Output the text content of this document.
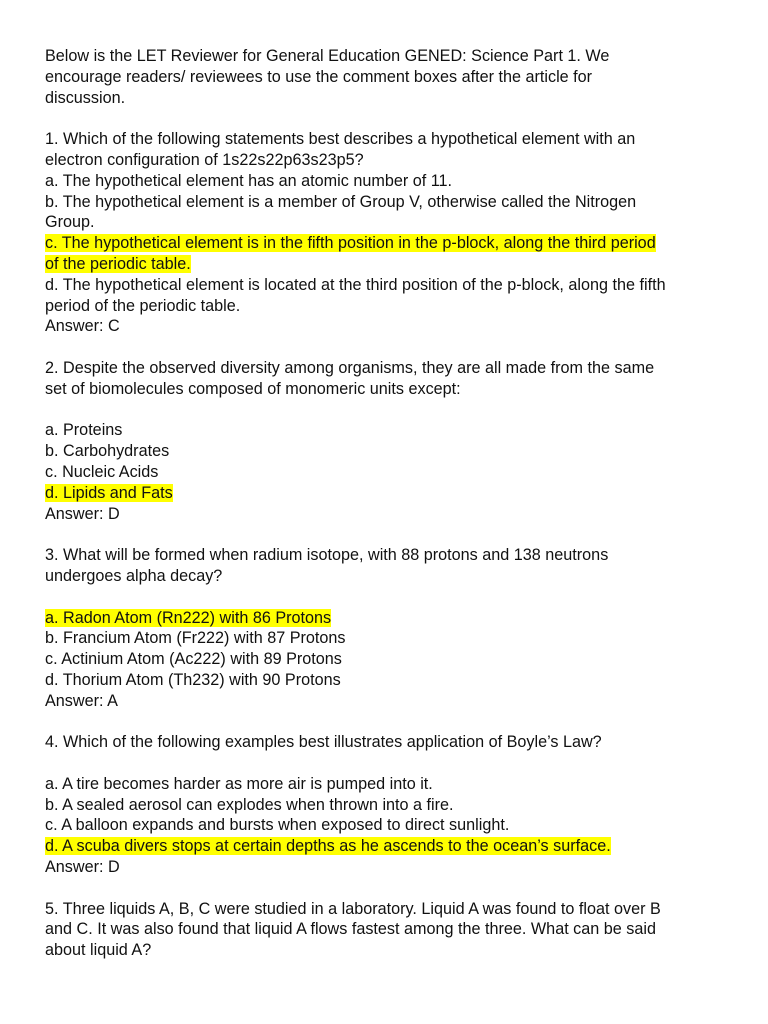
Below is the LET Reviewer for General Education GENED: Science Part 1. We
encourage readers/ reviewees to use the comment boxes after the article for
discussion.
1. Which of the following statements best describes a hypothetical element with an
electron configuration of 1s22s22p63s23p5?
a. The hypothetical element has an atomic number of 11.
b. The hypothetical element is a member of Group V, otherwise called the Nitrogen
Group.
c. The hypothetical element is in the fifth position in the p-block, along the third period
of the periodic table.
d. The hypothetical element is located at the third position of the p-block, along the fifth
period of the periodic table.
Answer: C
2. Despite the observed diversity among organisms, they are all made from the same
set of biomolecules composed of monomeric units except:
a. Proteins
b. Carbohydrates
c. Nucleic Acids
d. Lipids and Fats
Answer: D
3. What will be formed when radium isotope, with 88 protons and 138 neutrons
undergoes alpha decay?
a. Radon Atom (Rn222) with 86 Protons
b. Francium Atom (Fr222) with 87 Protons
c. Actinium Atom (Ac222) with 89 Protons
d. Thorium Atom (Th232) with 90 Protons
Answer: A
4. Which of the following examples best illustrates application of Boyle’s Law?
a. A tire becomes harder as more air is pumped into it.
b. A sealed aerosol can explodes when thrown into a fire.
c. A balloon expands and bursts when exposed to direct sunlight.
d. A scuba divers stops at certain depths as he ascends to the ocean’s surface.
Answer: D
5. Three liquids A, B, C were studied in a laboratory. Liquid A was found to float over B
and C. It was also found that liquid A flows fastest among the three. What can be said
about liquid A?
